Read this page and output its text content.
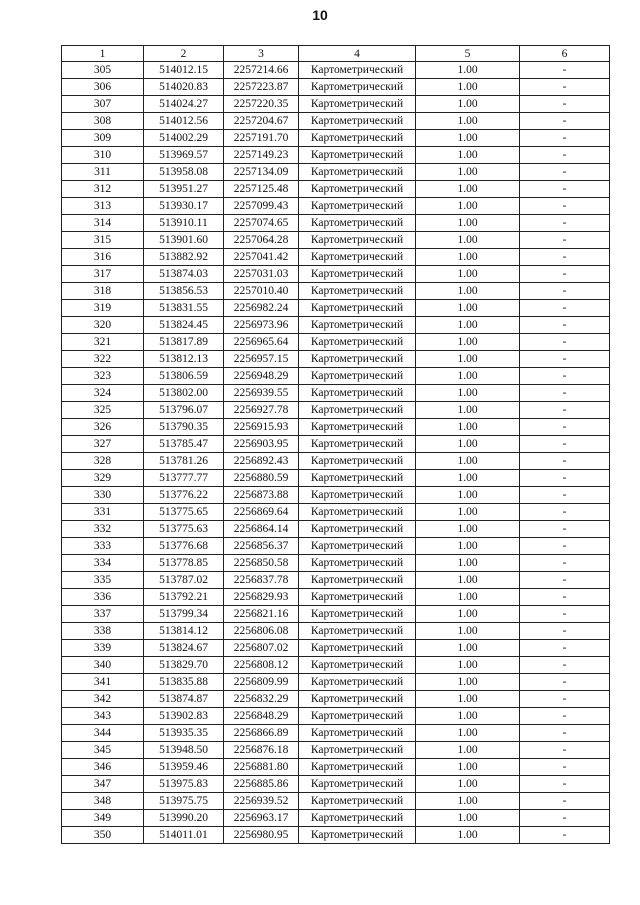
10
1	2	3	4	5	6
305	514012.15	2257214.66	Картометрический	1.00	-
306	514020.83	2257223.87	Картометрический	1.00	-
307	514024.27	2257220.35	Картометрический	1.00	-
308	514012.56	2257204.67	Картометрический	1.00	-
309	514002.29	2257191.70	Картометрический	1.00	-
310	513969.57	2257149.23	Картометрический	1.00	-
311	513958.08	2257134.09	Картометрический	1.00	-
312	513951.27	2257125.48	Картометрический	1.00	-
313	513930.17	2257099.43	Картометрический	1.00	-
314	513910.11	2257074.65	Картометрический	1.00	-
315	513901.60	2257064.28	Картометрический	1.00	-
316	513882.92	2257041.42	Картометрический	1.00	-
317	513874.03	2257031.03	Картометрический	1.00	-
318	513856.53	2257010.40	Картометрический	1.00	-
319	513831.55	2256982.24	Картометрический	1.00	-
320	513824.45	2256973.96	Картометрический	1.00	-
321	513817.89	2256965.64	Картометрический	1.00	-
322	513812.13	2256957.15	Картометрический	1.00	-
323	513806.59	2256948.29	Картометрический	1.00	-
324	513802.00	2256939.55	Картометрический	1.00	-
325	513796.07	2256927.78	Картометрический	1.00	-
326	513790.35	2256915.93	Картометрический	1.00	-
327	513785.47	2256903.95	Картометрический	1.00	-
328	513781.26	2256892.43	Картометрический	1.00	-
329	513777.77	2256880.59	Картометрический	1.00	-
330	513776.22	2256873.88	Картометрический	1.00	-
331	513775.65	2256869.64	Картометрический	1.00	-
332	513775.63	2256864.14	Картометрический	1.00	-
333	513776.68	2256856.37	Картометрический	1.00	-
334	513778.85	2256850.58	Картометрический	1.00	-
335	513787.02	2256837.78	Картометрический	1.00	-
336	513792.21	2256829.93	Картометрический	1.00	-
337	513799.34	2256821.16	Картометрический	1.00	-
338	513814.12	2256806.08	Картометрический	1.00	-
339	513824.67	2256807.02	Картометрический	1.00	-
340	513829.70	2256808.12	Картометрический	1.00	-
341	513835.88	2256809.99	Картометрический	1.00	-
342	513874.87	2256832.29	Картометрический	1.00	-
343	513902.83	2256848.29	Картометрический	1.00	-
344	513935.35	2256866.89	Картометрический	1.00	-
345	513948.50	2256876.18	Картометрический	1.00	-
346	513959.46	2256881.80	Картометрический	1.00	-
347	513975.83	2256885.86	Картометрический	1.00	-
348	513975.75	2256939.52	Картометрический	1.00	-
349	513990.20	2256963.17	Картометрический	1.00	-
350	514011.01	2256980.95	Картометрический	1.00	-
